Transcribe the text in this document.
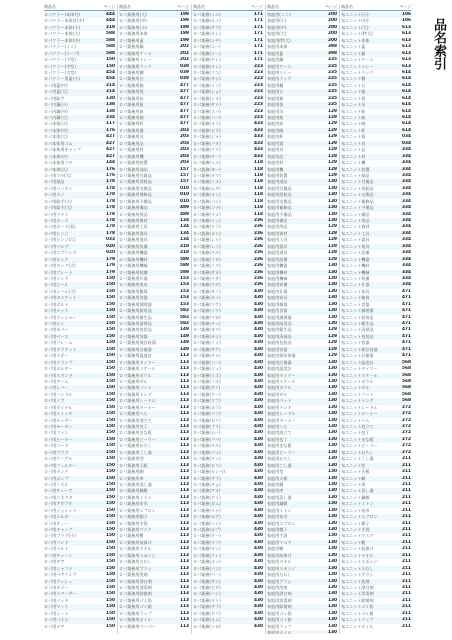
商品名	ページ
ロパクラー(本体付)	444
ロパクラー本体付(キ)	444
ロパクラー本体(小)	219
ロパクラー本体(大)	588
ロパクラー本体(中)	588
ロパクラー(ミニ)	588
ロパクラー(スープ)	588
ロパクラー(小型)	150
ロパクラー(中型)	150
ロパクラー(大型)	454
ロパクラー用蓋(小)	454
ロパ用蓋(中)	214
ロパ用蓋(大)	214
ロパ用取手	130
ロパ内鍋(小)	138
ロパ内鍋(中)	138
ロパ内鍋(大)	234
ロパ本体(小)	117
ロパ本体(中)	176
ロパ本体(大)	427
ロパ本体用ゴム	427
ロパ本体用キャップ	427
ロパ本体(中)	427
ロパ本体用フタ	144
ロパ本体(小)	176
ロパ用フタ(大)	176
ロパ用部品	178
ロパ用パッキン	178
ロパ用ネジ	178
ロパ用取手(小)	178
ロパ用取手(大)	178
ロパ用ツマミ	178
ロパ用ホース	178
ロパ用ホース(長)	178
ロパ用ヒンジ	178
ロパ用ヒンジ(大)	033
ロパ用バルブ	020
ロパ用スプリング	020
ロパ用ロック	179
ロパ用ロック(大)	179
ロパ用プレート	179
ロパ用リング	150
ロパ用シール	150
ロパ用シール(大)	150
ロパ用ガスケット	150
ロパ用ボルト	150
ロパ用ナット	150
ロパ用ワッシャー	150
ロパ用ピン	150
ロパ用カバー	150
ロパ用ベース	150
ロパ用フレーム	150
ロパ用ブラケット	150
ロパ用ステー	150
ロパ用クランプ	150
ロパ用ホルダー	150
ロパ用スタンド	150
ロパ用アーム	150
ロパ用レバー	150
ロパ用ハンドル	150
ロパ用ノブ	150
ロパ用ダイヤル	150
ロパ用スイッチ	150
ロパ用センサー	150
ロパ用モーター	150
ロパ用ファン	150
ロパ用ヒーター	150
ロパ用コード	150
ロパ用プラグ	150
ロパ用ケーブル	150
ロパ用フィルター	150
ロパ用タンク	150
ロパ用ポンプ	150
ロパ用ノズル	150
ロパ用チューブ	150
ロパ用コネクタ	150
ロパ用アダプタ	150
ロパ用ジョイント	150
ロパ用エルボ	150
ロパ用ティー	150
ロパ用キャップ	150
ロパ用プラグ(小)	150
ロパ用バンド	150
ロパ用ベルト	150
ロパ用チェーン	150
ロパ用ギア	150
ロパ用シャフト	150
ロパ用ベアリング	150
ロパ用ブッシュ	150
ロパ用カラー	150
ロパ用スペーサー	150
ロパ用パッド	150
ロパ用マット	150
ロパ用シート	150
ロパ用パネル	150
ロパ用ドア	150
商品名	ページ
ロパ業務用(大)	199
ロパ業務用(中)	199
ロパ業務用(小)	199
ロパ業務用本体	199
ロパ業務用蓋	199
ロパ業務用鍋	202
ロパ業務用ケース	202
ロパ業務用トレー	202
ロパ業務用ラック	039
ロパ業務用棚	039
ロパ業務用台	039
ロパ業務用箱	477
ロパ業務用袋	477
ロパ業務用缶	477
ロパ業務用瓶	477
ロパ業務用皿	477
ロパ業務用碗	477
ロパ業務用杯	477
ロパ業務用器	203
ロパ業務用具	203
ロパ業務用品	203
ロパ業務用材	203
ロパ業務用機	203
ロパ業務用装置	203
ロパ業務用部品	157
ロパ業務用付属品	157
ロパ業務用消耗品	157
ロパ業務用交換品	010
ロパ業務用補修品	010
ロパ業務用予備品	010
ロパ業務用備品	489
ロパ業務用用品	489
ロパ業務用資材	134
ロパ業務用工具	134
ロパ業務用器具	134
ロパ業務用道具	134
ロパ業務用設備	218
ロパ業務用機器	218
ロパ業務用機材	589
ロパ業務用機械	589
ロパ業務用装備	589
ロパ業務用什器	153
ロパ業務用家具	153
ロパ業務用雑貨	153
ロパ業務用食器	153
ロパ業務用調理器	153
ロパ業務用厨房品	582
ロパ業務用衛生品	582
ロパ業務用清掃品	582
ロパ業務用包装品	149
ロパ業務用容器	149
ロパ業務用保存容器	149
ロパ業務用計量器	149
ロパ業務用温度計	113
ロパ業務用タイマー	113
ロパ業務用スケール	113
ロパ業務用ボウル	113
ロパ業務用ザル	113
ロパ業務用バット	113
ロパ業務用トング	113
ロパ業務用レードル	113
ロパ業務用ターナー	113
ロパ業務用へら	113
ロパ業務用泡立て	113
ロパ業務用包丁	113
ロパ業務用まな板	113
ロパ業務用ピーラー	113
ロパ業務用おろし	113
ロパ業務用こし器	113
ロパ業務用型	113
ロパ業務用天板	113
ロパ業務用網	113
ロパ業務用串	113
ロパ業務用蒸し器	113
ロパ業務用鍋敷	113
ロパ業務用ミトン	113
ロパ業務用布巾	113
ロパ業務用エプロン	113
ロパ業務用帽子	113
ロパ業務用手袋	113
ロパ業務用マスク	113
ロパ業務用靴	113
ロパ業務用前掛け	113
ロパ業務用タオル	113
ロパ業務用スポンジ	113
ロパ業務用たわし	113
ロパ業務用ブラシ	113
ロパ業務用洗剤	113
ロパ業務用漂白剤	113
ロパ業務用消毒剤	113
ロパ業務用除菌剤	113
ロパ業務用ゴミ袋	113
ロパ業務用ゴミ箱	113
ロパ業務用ラップ	113
ロパ業務用ホイル	113
ロパ業務用ペーパー	113
商品名	ページ
ロパ業務(ミル)	171
ロパ業務(ホイ)	171
ロパ業務(サラ)	171
ロパ業務(カレ)	171
ロパ業務(シチ)	171
ロパ業務(スー)	171
ロパ業務(ソー)	171
ロパ業務(ドレ)	171
ロパ業務(タレ)	223
ロパ業務(ツユ)	223
ロパ業務(ダシ)	223
ロパ業務(ミソ)	223
ロパ業務(ショ)	223
ロパ業務(シオ)	223
ロパ業務(サト)	223
ロパ業務(スパ)	223
ロパ業務(ハー)	223
ロパ業務(オイ)	433
ロパ業務(ビネ)	433
ロパ業務(ジャ)	433
ロパ業務(バタ)	433
ロパ業務(クリ)	433
ロパ業務(チー)	433
ロパ業務(ミル)	118
ロパ業務(ヨー)	118
ロパ業務(タマ)	118
ロパ業務(コメ)	118
ロパ業務(ムギ)	118
ロパ業務(メン)	118
ロパ業務(パン)	118
ロパ業務(コナ)	118
ロパ業務(マメ)	118
ロパ業務(ナッ)	236
ロパ業務(ドラ)	236
ロパ業務(カン)	236
ロパ業務(レト)	236
ロパ業務(レイ)	236
ロパ業務(チル)	236
ロパ業務(フロ)	236
ロパ業務(ニク)	236
ロパ業務(サカ)	236
ロパ業務(ヤサ)	236
ロパ業務(クダ)	236
ロパ業務(キノ)	430
ロパ業務(カイ)	430
ロパ業務(ツケ)	430
ロパ業務(ソウ)	430
ロパ業務(ワガ)	430
ロパ業務(チュ)	430
ロパ業務(ヨウ)	430
ロパ業務(カシ)	430
ロパ業務(ノミ)	430
ロパ業務(サケ)	430
ロパ業務(チャ)	430
ロパ業務(コー)	430
ロパ業務(ジュ)	430
ロパ業務(ミズ)	430
ロパ業務(コオ)	430
ロパ業務(アイ)	430
ロパ業務(ケー)	430
ロパ業務(ワフ)	430
ロパ業務(ヨフ)	430
ロパ業務(パフ)	430
ロパ業務(ゼリ)	430
ロパ業務(プリ)	430
ロパ業務(ムー)	430
ロパ業務(ババ)	430
ロパ業務(タル)	430
ロパ業務(パイ)	430
ロパ業務(クッ)	430
ロパ業務(ビス)	430
ロパ業務(センベ)	430
ロパ業務(アラ)	430
ロパ業務(チョ)	430
ロパ業務(アメ)	430
ロパ業務(グミ)	430
ロパ業務(ガム)	430
ロパ業務(スナ)	430
ロパ業務(ポテ)	430
ロパ業務(コン)	430
ロパ業務(ポプ)	430
ロパ業務(ドー)	430
ロパ業務(マフ)	430
ロパ業務(ワッ)	430
ロパ業務(クレ)	430
ロパ業務(ホッ)	430
ロパ業務(パン)	430
ロパ業務(ベー)	430
ロパ業務(サン)	430
ロパ業務(ピザ)	430
ロパ業務(ハン)	430
ロパ業務(ホト)	430
ロパ業務(グラ)	430
ロパ業務(ドリ)	430
ロパ業務(オム)	430
ロパ業務(コロ)	430
商品名	ページ
家庭用(ミニ)	200
家庭用(小)	200
家庭用(中)	200
家庭用(大)	200
家庭用(特大)	200
家庭用本体	398
家庭用蓋	398
家庭用鍋	235
家庭用ケース	235
家庭用トレー	235
家庭用ラック	235
家庭用棚	235
家庭用台	235
家庭用箱	235
家庭用袋	235
家庭用缶	129
家庭用瓶	129
家庭用皿	129
家庭用碗	129
家庭用杯	129
家庭用器	129
家庭用具	129
家庭用品	129
家庭用材	129
家庭用機	129
家庭用装置	129
家庭用部品	130
家庭用付属品	130
家庭用消耗品	130
家庭用交換品	130
家庭用補修品	130
家庭用予備品	130
家庭用備品	130
家庭用用品	129
家庭用資材	129
家庭用工具	129
家庭用器具	129
家庭用道具	129
家庭用設備	129
家庭用機器	130
家庭用機材	130
家庭用機械	130
家庭用装備	130
家庭用什器	130
家庭用家具	130
家庭用雑貨	130
家庭用食器	130
家庭用調理器	130
家庭用厨房品	130
家庭用衛生品	129
家庭用清掃品	129
家庭用包装品	129
家庭用容器	129
家庭用保存容器	129
家庭用計量器	130
家庭用温度計	130
家庭用タイマー	130
家庭用スケール	130
家庭用ボウル	130
家庭用ザル	130
家庭用バット	130
家庭用トング	130
家庭用レードル	130
家庭用ターナー	130
家庭用へら	130
家庭用泡立て	130
家庭用包丁	130
家庭用まな板	130
家庭用ピーラー	130
家庭用おろし	130
家庭用こし器	130
家庭用型	130
家庭用天板	130
家庭用網	130
家庭用串	130
家庭用蒸し器	130
家庭用鍋敷	130
家庭用ミトン	130
家庭用布巾	130
家庭用エプロン	130
家庭用帽子	130
家庭用手袋	130
家庭用マスク	130
家庭用靴	130
家庭用前掛け	130
家庭用タオル	130
家庭用スポンジ	130
家庭用たわし	130
家庭用ブラシ	130
家庭用洗剤	130
家庭用漂白剤	130
家庭用消毒剤	130
家庭用除菌剤	130
家庭用ゴミ袋	130
家庭用ゴミ箱	130
家庭用ラップ	130
家庭用ホイル	130
商品名	ページ
布ユニット(小)	106
布ユニット(中)	106
布ユニット(大)	613
布ユニット(特大)	613
布ユニット本体	613
布ユニット蓋	613
布ユニット鍋	613
布ユニットケース	613
布ユニットトレー	613
布ユニットラック	614
布ユニット棚	614
布ユニット台	614
布ユニット箱	614
布ユニット袋	614
布ユニット缶	614
布ユニット瓶	614
布ユニット皿	614
布ユニット碗	614
布ユニット杯	614
布ユニット器	034
布ユニット具	034
布ユニット品	334
布ユニット材	334
布ユニット機	334
布ユニット装置	334
布ユニット部品	334
布ユニット付属品	334
布ユニット消耗品	334
布ユニット交換品	334
布ユニット補修品	334
布ユニット予備品	334
布ユニット備品	334
布ユニット用品	334
布ユニット資材	334
布ユニット工具	334
布ユニット器具	334
布ユニット道具	334
布ユニット設備	334
布ユニット機器	334
布ユニット機材	334
布ユニット機械	334
布ユニット装備	334
布ユニット什器	334
布ユニット家具	471
布ユニット雑貨	471
布ユニット食器	471
布ユニット調理器	471
布ユニット厨房品	471
布ユニット衛生品	471
布ユニット清掃品	471
布ユニット包装品	471
布ユニット容器	471
布ユニット保存容器	471
布ユニット計量器	471
布ユニット温度計	568
布ユニットタイマー	568
布ユニットスケール	568
布ユニットボウル	568
布ユニットザル	568
布ユニットバット	568
布ユニットトング	568
布ユニットレードル	272
布ユニットターナー	272
布ユニットへら	272
布ユニット泡立て	272
布ユニット包丁	272
布ユニットまな板	272
布ユニットピーラー	272
布ユニットおろし	272
布ユニットこし器	211
布ユニット型	211
布ユニット天板	211
布ユニット網	211
布ユニット串	211
布ユニット蒸し器	211
布ユニット鍋敷	211
布ユニットミトン	211
布ユニット布巾	211
布ユニットエプロン	211
布ユニット帽子	211
布ユニット手袋	211
布ユニットマスク	211
布ユニット靴	211
布ユニット前掛け	211
布ユニットタオル	211
布ユニットスポンジ	211
布ユニットたわし	211
布ユニットブラシ	211
布ユニット洗剤	211
布ユニット漂白剤	211
布ユニット消毒剤	211
布ユニット除菌剤	211
布ユニットゴミ袋	211
布ユニットゴミ箱	211
布ユニットラップ	211
布ユニットホイル	211
品名索引
